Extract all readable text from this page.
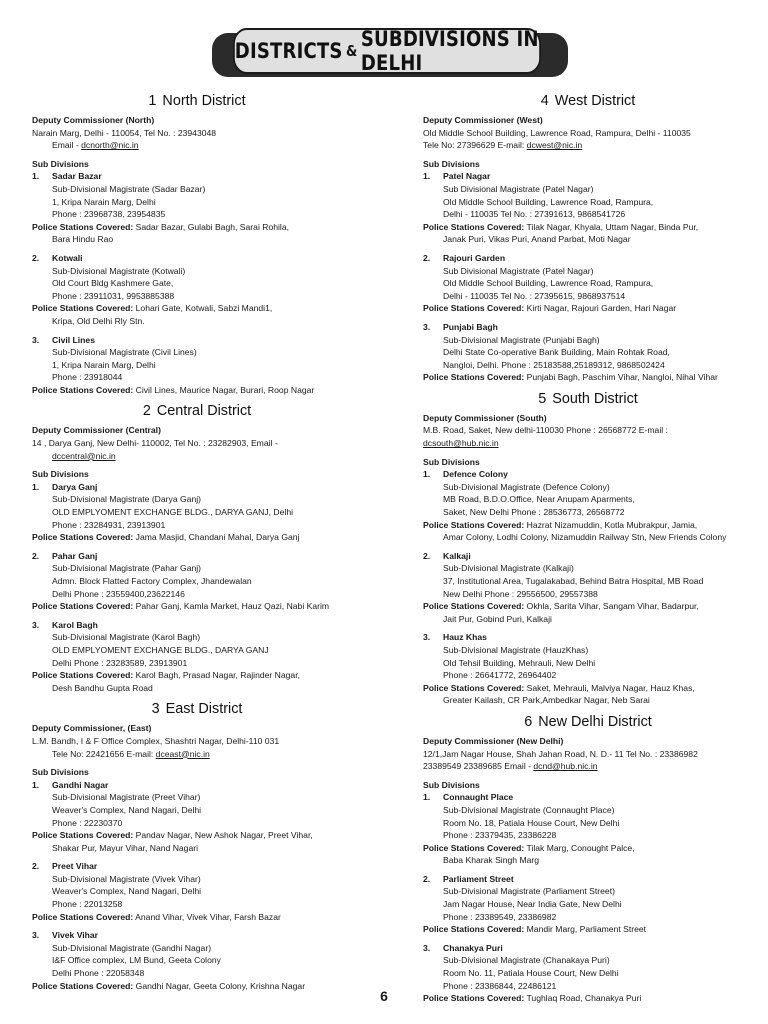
DISTRICTS & SUBDIVISIONS IN DELHI
1 North District
Deputy Commissioner (North)
Narain Marg, Delhi - 110054, Tel No. : 23943048
Email - dcnorth@nic.in
Sub Divisions
1.	Sadar Bazar
Sub-Divisional Magistrate (Sadar Bazar)
1, Kripa Narain Marg, Delhi
Phone : 23968738, 23954835
Police Stations Covered: Sadar Bazar, Gulabi Bagh, Sarai Rohila,
Bara Hindu Rao
2.	Kotwali
Sub-Divisional Magistrate (Kotwali)
Old Court Bldg Kashmere Gate,
Phone : 23911031, 9953885388
Police Stations Covered: Lohari Gate, Kotwali, Sabzi Mandi1,
Kripa, Old Delhi Rly Stn.
3.	Civil Lines
Sub-Divisional Magistrate (Civil Lines)
1, Kripa Narain Marg, Delhi
Phone : 23918044
Police Stations Covered: Civil Lines, Maurice Nagar, Burari, Roop Nagar
2 Central District
Deputy Commissioner (Central)
14 , Darya Ganj, New Delhi- 110002, Tel No. : 23282903, Email -
dccentral@nic.in
Sub Divisions
1.	Darya Ganj
Sub-Divisional Magistrate (Darya Ganj)
OLD EMPLYOMENT EXCHANGE BLDG., DARYA GANJ, Delhi
Phone : 23284931, 23913901
Police Stations Covered: Jama Masjid, Chandani Mahal, Darya Ganj
2.	Pahar Ganj
Sub-Divisional Magistrate (Pahar Ganj)
Admn. Block Flatted Factory Complex, Jhandewalan
Delhi Phone : 23559400,23622146
Police Stations Covered: Pahar Ganj, Kamla Market, Hauz Qazi, Nabi Karim
3.	Karol Bagh
Sub-Divisional Magistrate (Karol Bagh)
OLD EMPLYOMENT EXCHANGE BLDG., DARYA GANJ
Delhi Phone : 23283589, 23913901
Police Stations Covered: Karol Bagh, Prasad Nagar, Rajinder Nagar,
Desh Bandhu Gupta Road
3 East District
Deputy Commissioner, (East)
L.M. Bandh, I & F Office Complex, Shashtri Nagar, Delhi-110 031
Tele No: 22421656 E-mail: dceast@nic.in
Sub Divisions
1.	Gandhi Nagar
Sub-Divisional Magistrate (Preet Vihar)
Weaver's Complex, Nand Nagari, Delhi
Phone : 22230370
Police Stations Covered: Pandav Nagar, New Ashok Nagar, Preet Vihar,
Shakar Pur, Mayur Vihar, Nand Nagari
2.	Preet Vihar
Sub-Divisional Magistrate (Vivek Vihar)
Weaver's Complex, Nand Nagari, Delhi
Phone : 22013258
Police Stations Covered: Anand Vihar, Vivek Vihar, Farsh Bazar
3.	Vivek Vihar
Sub-Divisional Magistrate (Gandhi Nagar)
I&F Office complex, LM Bund, Geeta Colony
Delhi Phone : 22058348
Police Stations Covered: Gandhi Nagar, Geeta Colony, Krishna Nagar
4 West District
Deputy Commissioner (West)
Old Middle School Building, Lawrence Road, Rampura, Delhi - 110035
Tele No: 27396629 E-mail: dcwest@nic.in
Sub Divisions
1.	Patel Nagar
Sub Divisional Magistrate (Patel Nagar)
Old Middle School Building, Lawrence Road, Rampura,
Delhi - 110035 Tel No. : 27391613, 9868541726
Police Stations Covered: Tilak Nagar, Khyala, Uttam Nagar, Binda Pur,
Janak Puri, Vikas Puri, Anand Parbat, Moti Nagar
2.	Rajouri Garden
Sub Divisional Magistrate (Patel Nagar)
Old Middle School Building, Lawrence Road, Rampura,
Delhi - 110035 Tel No. : 27395615, 9868937514
Police Stations Covered: Kirti Nagar, Rajouri Garden, Hari Nagar
3.	Punjabi Bagh
Sub-Divisional Magistrate (Punjabi Bagh)
Delhi State Co-operative Bank Building, Main Rohtak Road,
Nangloi, Delhi. Phone : 25183588,25189312, 9868502424
Police Stations Covered: Punjabi Bagh, Paschim Vihar, Nangloi, Nihal Vihar
5 South District
Deputy Commissioner (South)
M.B. Road, Saket, New delhi-110030 Phone : 26568772 E-mail :
dcsouth@hub.nic.in
Sub Divisions
1.	Defence Colony
Sub-Divisional Magistrate (Defence Colony)
MB Road, B.D.O.Office, Near Anupam Aparments,
Saket, New Delhi Phone : 28536773, 26568772
Police Stations Covered: Hazrat Nizamuddin, Kotla Mubrakpur, Jamia,
Amar Colony, Lodhi Colony, Nizamuddin Railway Stn, New Friends Colony
2.	Kalkaji
Sub-Divisional Magistrate (Kalkaji)
37, Institutional Area, Tugalakabad, Behind Batra Hospital, MB Road
New Delhi Phone : 29556500, 29557388
Police Stations Covered: Okhla, Sarita Vihar, Sangam Vihar, Badarpur,
Jait Pur, Gobind Puri, Kalkaji
3.	Hauz Khas
Sub-Divisional Magistrate (HauzKhas)
Old Tehsil Building, Mehrauli, New Delhi
Phone : 26641772, 26964402
Police Stations Covered: Saket, Mehrauli, Malviya Nagar, Hauz Khas,
Greater Kailash, CR Park,Ambedkar Nagar, Neb Sarai
6 New Delhi District
Deputy Commissioner (New Delhi)
12/1,Jam Nagar House, Shah Jahan Road, N. D.- 11 Tel No. : 23386982
23389549 23389685 Email - dcnd@hub.nic.in
Sub Divisions
1.	Connaught Place
Sub-Divisional Magistrate (Connaught Place)
Room No. 18, Patiala House Court, New Delhi
Phone : 23379435, 23386228
Police Stations Covered: Tilak Marg, Conought Palce,
Baba Kharak Singh Marg
2.	Parliament Street
Sub-Divisional Magistrate (Parliament Street)
Jam Nagar House, Near India Gate, New Delhi
Phone : 23389549, 23386982
Police Stations Covered: Mandir Marg, Parliament Street
3.	Chanakya Puri
Sub-Divisional Magistrate (Chanakaya Puri)
Room No. 11, Patiala House Court, New Delhi
Phone : 23386844, 22486121
Police Stations Covered: Tughlaq Road, Chanakya Puri
6
